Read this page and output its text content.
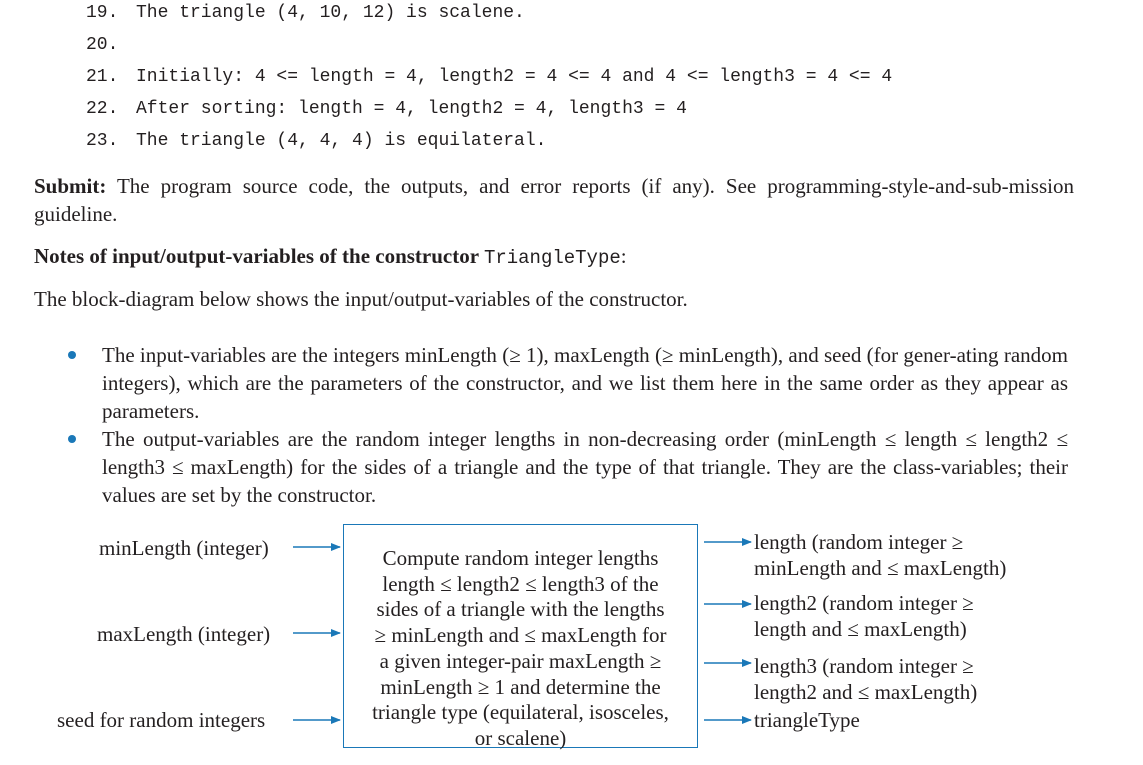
19. The triangle (4, 10, 12) is scalene.
20.
21. Initially: 4 <= length = 4, length2 = 4 <= 4 and 4 <= length3 = 4 <= 4
22. After sorting: length = 4, length2 = 4, length3 = 4
23. The triangle (4, 4, 4) is equilateral.
Submit: The program source code, the outputs, and error reports (if any). See programming-style-and-sub-mission guideline.
Notes of input/output-variables of the constructor TriangleType:
The block-diagram below shows the input/output-variables of the constructor.
The input-variables are the integers minLength (≥ 1), maxLength (≥ minLength), and seed (for gener-ating random integers), which are the parameters of the constructor, and we list them here in the same order as they appear as parameters.
The output-variables are the random integer lengths in non-decreasing order (minLength ≤ length ≤ length2 ≤ length3 ≤ maxLength) for the sides of a triangle and the type of that triangle. They are the class-variables; their values are set by the constructor.
minLength (integer)
maxLength (integer)
seed for random integers
Compute random integer lengths
length ≤ length2 ≤ length3 of the
sides of a triangle with the lengths
≥ minLength and ≤ maxLength for
a given integer-pair maxLength ≥
minLength ≥ 1 and determine the
triangle type (equilateral, isosceles,
or scalene)
length (random integer ≥
minLength and ≤ maxLength)
length2 (random integer ≥
length and ≤ maxLength)
length3 (random integer ≥
length2 and ≤ maxLength)
triangleType
